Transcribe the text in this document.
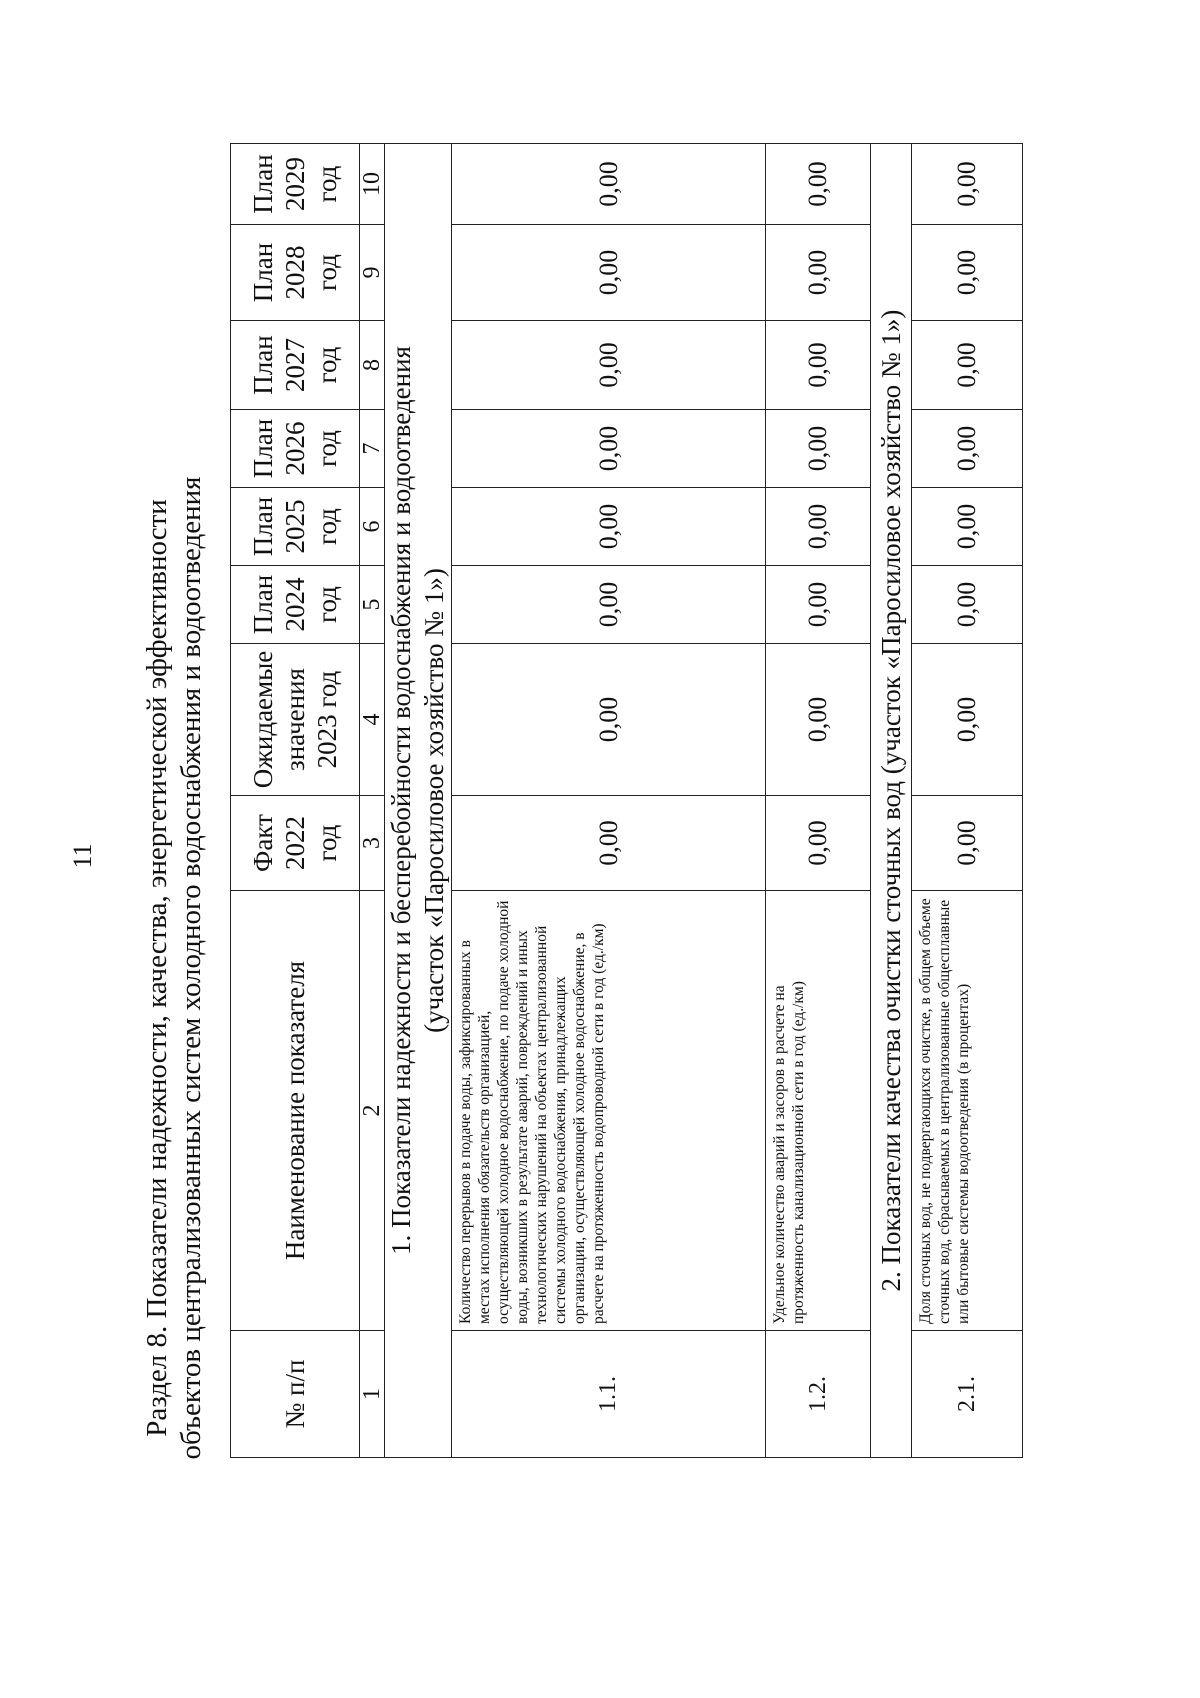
11 Раздел 8. Показатели надежности, качества, энергетической эффективности объектов централизованных систем холодного водоснабжения и водоотведения	№ п/п	Наименование показателя	Факт 2022 год	Ожидаемые значения 2023 год	План 2024 год	План 2025 год	План 2026 год	План 2027 год	План 2028 год	План 2029 год
1	2	3	4	5	6	7	8	9	10

1. Показатели надежности и бесперебойности водоснабжения и водоотведения (участок «Паросиловое хозяйство № 1»)									

1.1.	Количество перерывов в подаче воды, зафиксированных в местах исполнения обязательств организацией, осуществляющей холодное водоснабжение, по подаче холодной воды, возникших в результате аварий, повреждений и иных технологических нарушений на объектах централизованной системы холодного водоснабжения, принадлежащих организации, осуществляющей холодное водоснабжение, в расчете на протяженность водопроводной сети в год (ед./км)	0,00	0,00	0,00	0,00	0,00	0,00	0,00	0,00
1.2.	Удельное количество аварий и засоров в расчете на протяженность канализационной сети в год (ед./км)	0,00	0,00	0,00	0,00	0,00	0,00	0,00	0,00
2. Показатели качества очистки сточных вод (участок «Паросиловое хозяйство № 1»)									
2.1.	Доля сточных вод, не подвергающихся очистке, в общем объеме сточных вод, сбрасываемых в централизованные общесплавные или бытовые системы водоотведения (в процентах)	0,00	0,00	0,00	0,00	0,00	0,00	0,00	0,00
